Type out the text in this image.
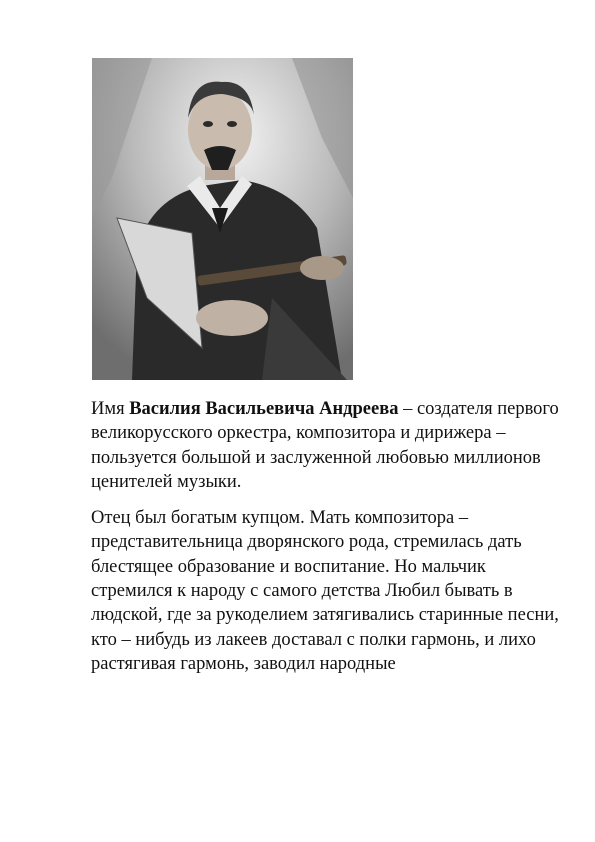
Имя Василия Васильевича Андреева – создателя первого великорусского оркестра, композитора и дирижера – пользуется большой и заслуженной любовью миллионов ценителей музыки.

Отец был богатым купцом. Мать композитора – представительница дворянского рода, стремилась дать блестящее образование и воспитание. Но мальчик стремился к народу с самого детства Любил бывать в людской, где за рукоделием затягивались старинные песни, кто – нибудь из лакеев доставал с полки гармонь, и лихо растягивая гармонь, заводил народные
